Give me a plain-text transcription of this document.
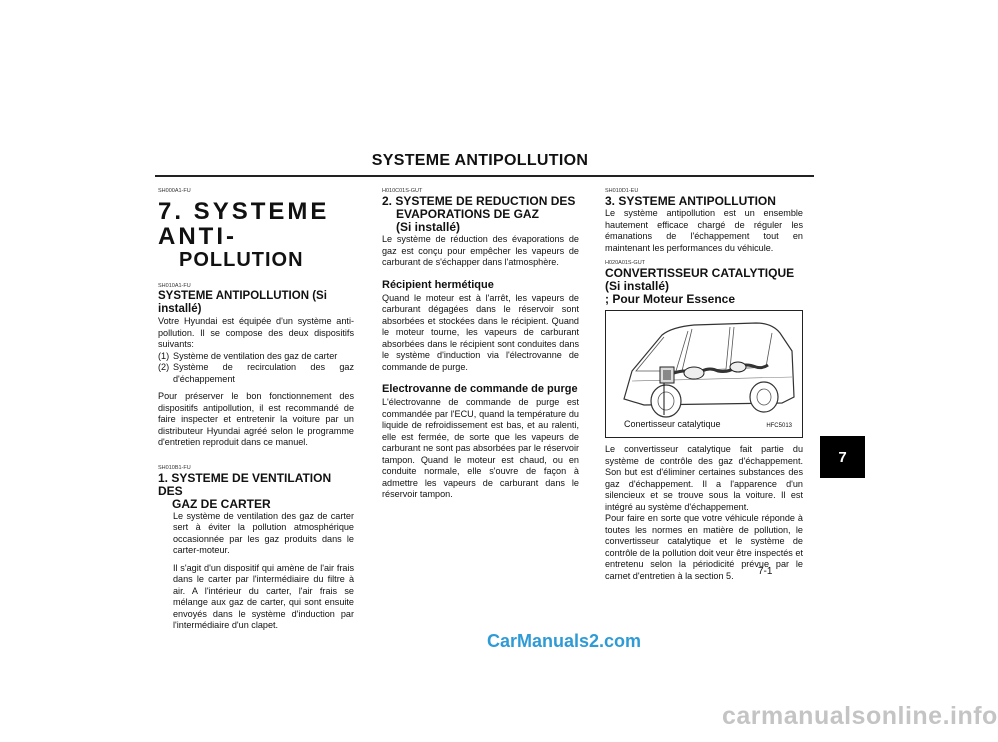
SYSTEME ANTIPOLLUTION

SH000A1-FU

7. SYSTEME ANTI-

POLLUTION

SH010A1-FU

SYSTEME ANTIPOLLUTION (Si installé)

Votre Hyundai est équipée d'un système anti-pollution. Il se compose des deux dispositifs suivants:

(1) Système de ventilation des gaz de carter
(2) Système de recirculation des gaz d'échappement

Pour préserver le bon fonctionnement des dispositifs antipollution, il est recommandé de faire inspecter et entretenir la voiture par un distributeur Hyundai agréé selon le programme d'entretien reproduit dans ce manuel.

SH010B1-FU

1. SYSTEME DE VENTILATION DES

GAZ DE CARTER

Le système de ventilation des gaz de carter sert à éviter la pollution atmosphérique occasionnée par les gaz produits dans le carter-moteur.

Il s'agit d'un dispositif qui amène de l'air frais dans le carter par l'intermédiaire du filtre à air. A l'intérieur du carter, l'air frais se mélange aux gaz de carter, qui sont ensuite envoyés dans le système d'induction par l'intermédiaire d'un clapet.

H010C01S-GUT

2. SYSTEME DE REDUCTION DES

EVAPORATIONS DE GAZ

(Si installé)

Le système de réduction des évaporations de gaz est conçu pour empêcher les vapeurs de carburant de s'échapper dans l'atmosphère.

Récipient hermétique

Quand le moteur est à l'arrêt, les vapeurs de carburant dégagées dans le réservoir sont absorbées et stockées dans le récipient. Quand le moteur tourne, les vapeurs de carburant absorbées dans le récipient sont conduites dans le système d'induction via l'électrovanne de commande de purge.

Electrovanne de commande de purge

L'électrovanne de commande de purge est commandée par l'ECU, quand la température du liquide de refroidissement est bas, et au ralenti, elle est fermée, de sorte que les vapeurs de carburant ne sont pas absorbées par le réservoir tampon. Quand le moteur est chaud, ou en conduite normale, elle s'ouvre de façon à admettre les vapeurs de carburant dans le réservoir tampon.

SH010D1-EU

3. SYSTEME ANTIPOLLUTION

Le système antipollution est un ensemble hautement efficace chargé de réguler les émanations de l'échappement tout en maintenant les performances du véhicule.

H020A01S-GUT

CONVERTISSEUR CATALYTIQUE

(Si installé)

; Pour Moteur Essence

Conertisseur catalytique	HFC5013

Le convertisseur catalytique fait partie du système de contrôle des gaz d'échappement. Son but est d'éliminer certaines substances des gaz d'échappement. Il a l'apparence d'un silencieux et se trouve sous la voiture. Il est intégré au système d'échappement.

Pour faire en sorte que votre véhicule réponde à toutes les normes en matière de pollution, le convertisseur catalytique et le système de contrôle de la pollution doit veur être inspectés et entretenu selon la périodicité prévue par le carnet d'entretien à la section 5.	7-1
7
CarManuals2.com
carmanualsonline.info
